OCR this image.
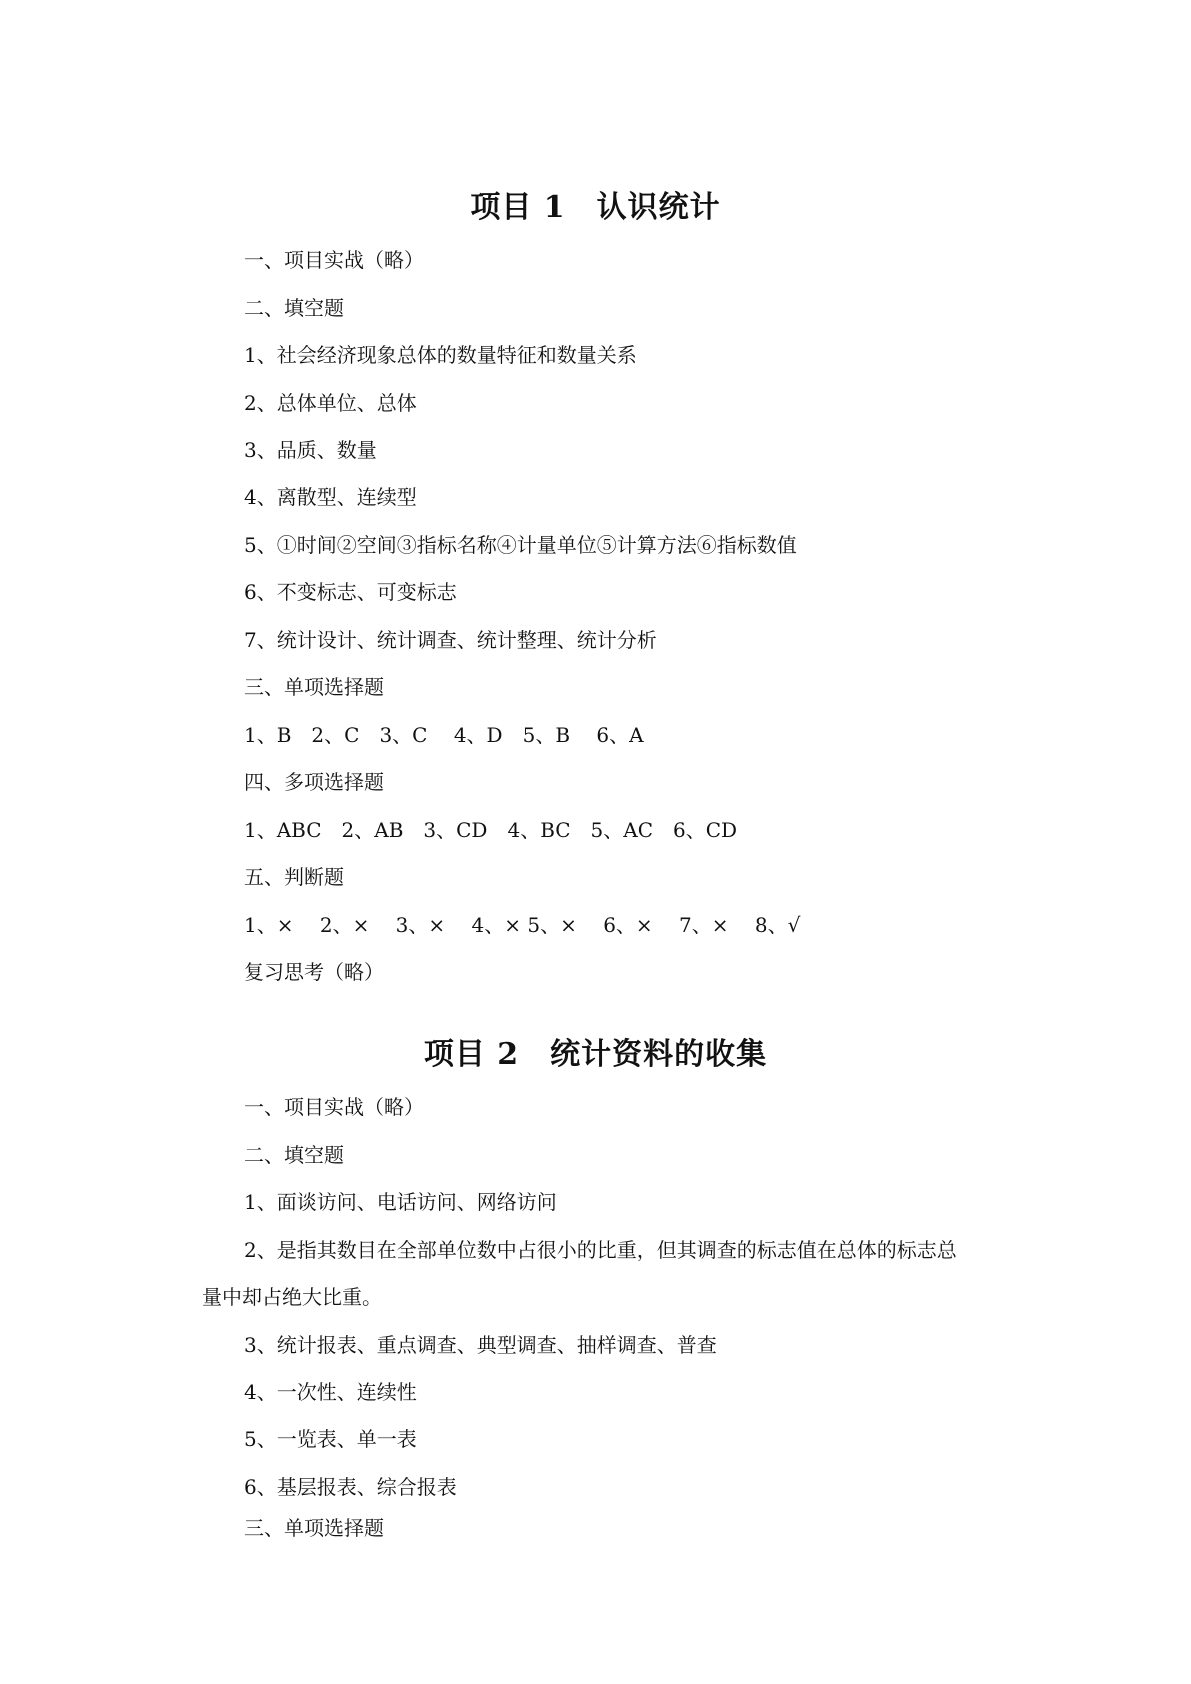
项目 1　认识统计

一、项目实战（略）

二、填空题

1、社会经济现象总体的数量特征和数量关系

2、总体单位、总体

3、品质、数量

4、离散型、连续型

5、①时间②空间③指标名称④计量单位⑤计算方法⑥指标数值

6、不变标志、可变标志

7、统计设计、统计调查、统计整理、统计分析

三、单项选择题

1、B　2、C　3、C　 4、D　5、B　 6、A

四、多项选择题

1、ABC　2、AB　3、CD　4、BC　5、AC　6、CD

五、判断题

1、×　 2、×　 3、×　 4、× 5、×　 6、×　 7、×　 8、√

复习思考（略）

项目 2　统计资料的收集

一、项目实战（略）

二、填空题

1、面谈访问、电话访问、网络访问

2、是指其数目在全部单位数中占很小的比重，但其调查的标志值在总体的标志总

量中却占绝大比重。

3、统计报表、重点调查、典型调查、抽样调查、普查

4、一次性、连续性

5、一览表、单一表

6、基层报表、综合报表

三、单项选择题
